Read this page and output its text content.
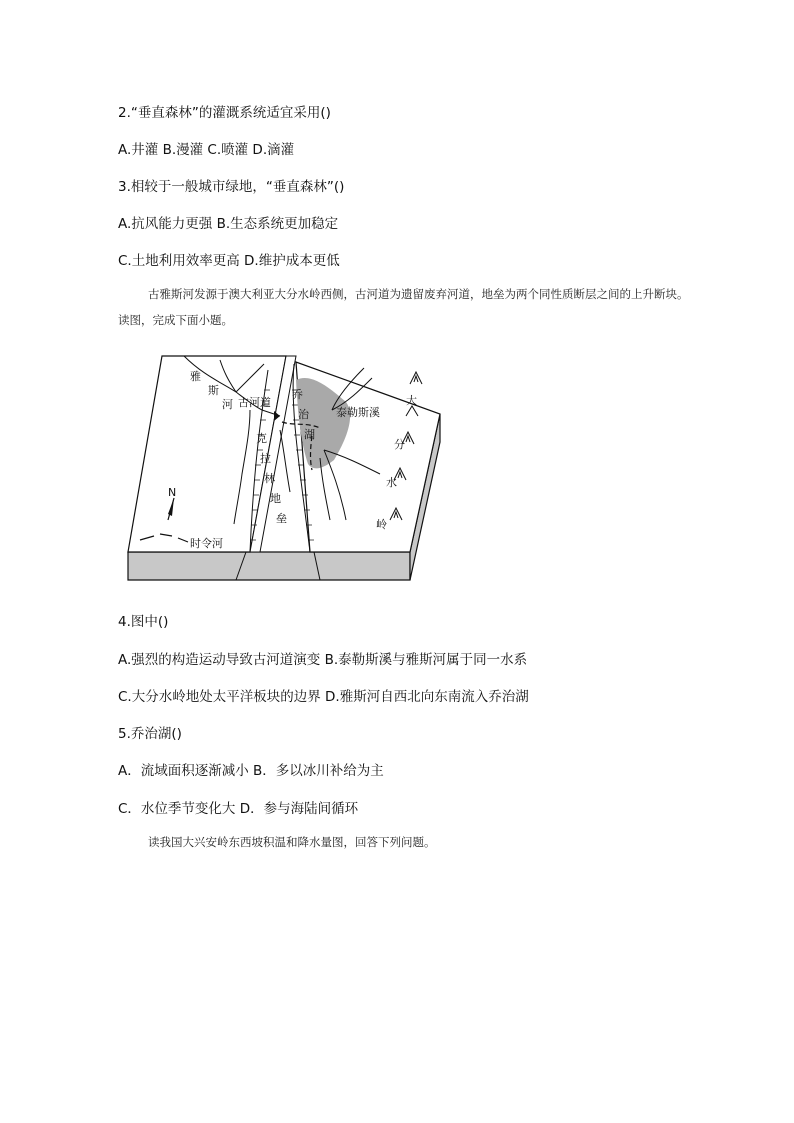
2.“垂直森林”的灌溉系统适宜采用()
A.井灌 B.漫灌 C.喷灌 D.滴灌
3.相较于一般城市绿地，“垂直森林”()
A.抗风能力更强 B.生态系统更加稳定
C.土地利用效率更高 D.维护成本更低
古雅斯河发源于澳大利亚大分水岭西侧，古河道为遗留废弃河道，地垒为两个同性质断层之间的上升断块。读图，完成下面小题。
雅
斯
河 古河道
克
拉
林
地
垒
乔
治
湖
泰勒斯溪
大
分
水
岭
N
时令河
4.图中()
A.强烈的构造运动导致古河道演变 B.泰勒斯溪与雅斯河属于同一水系
C.大分水岭地处太平洋板块的边界 D.雅斯河自西北向东南流入乔治湖
5.乔治湖()
A．流域面积逐渐减小 B．多以冰川补给为主
C．水位季节变化大 D．参与海陆间循环
读我国大兴安岭东西坡积温和降水量图，回答下列问题。
